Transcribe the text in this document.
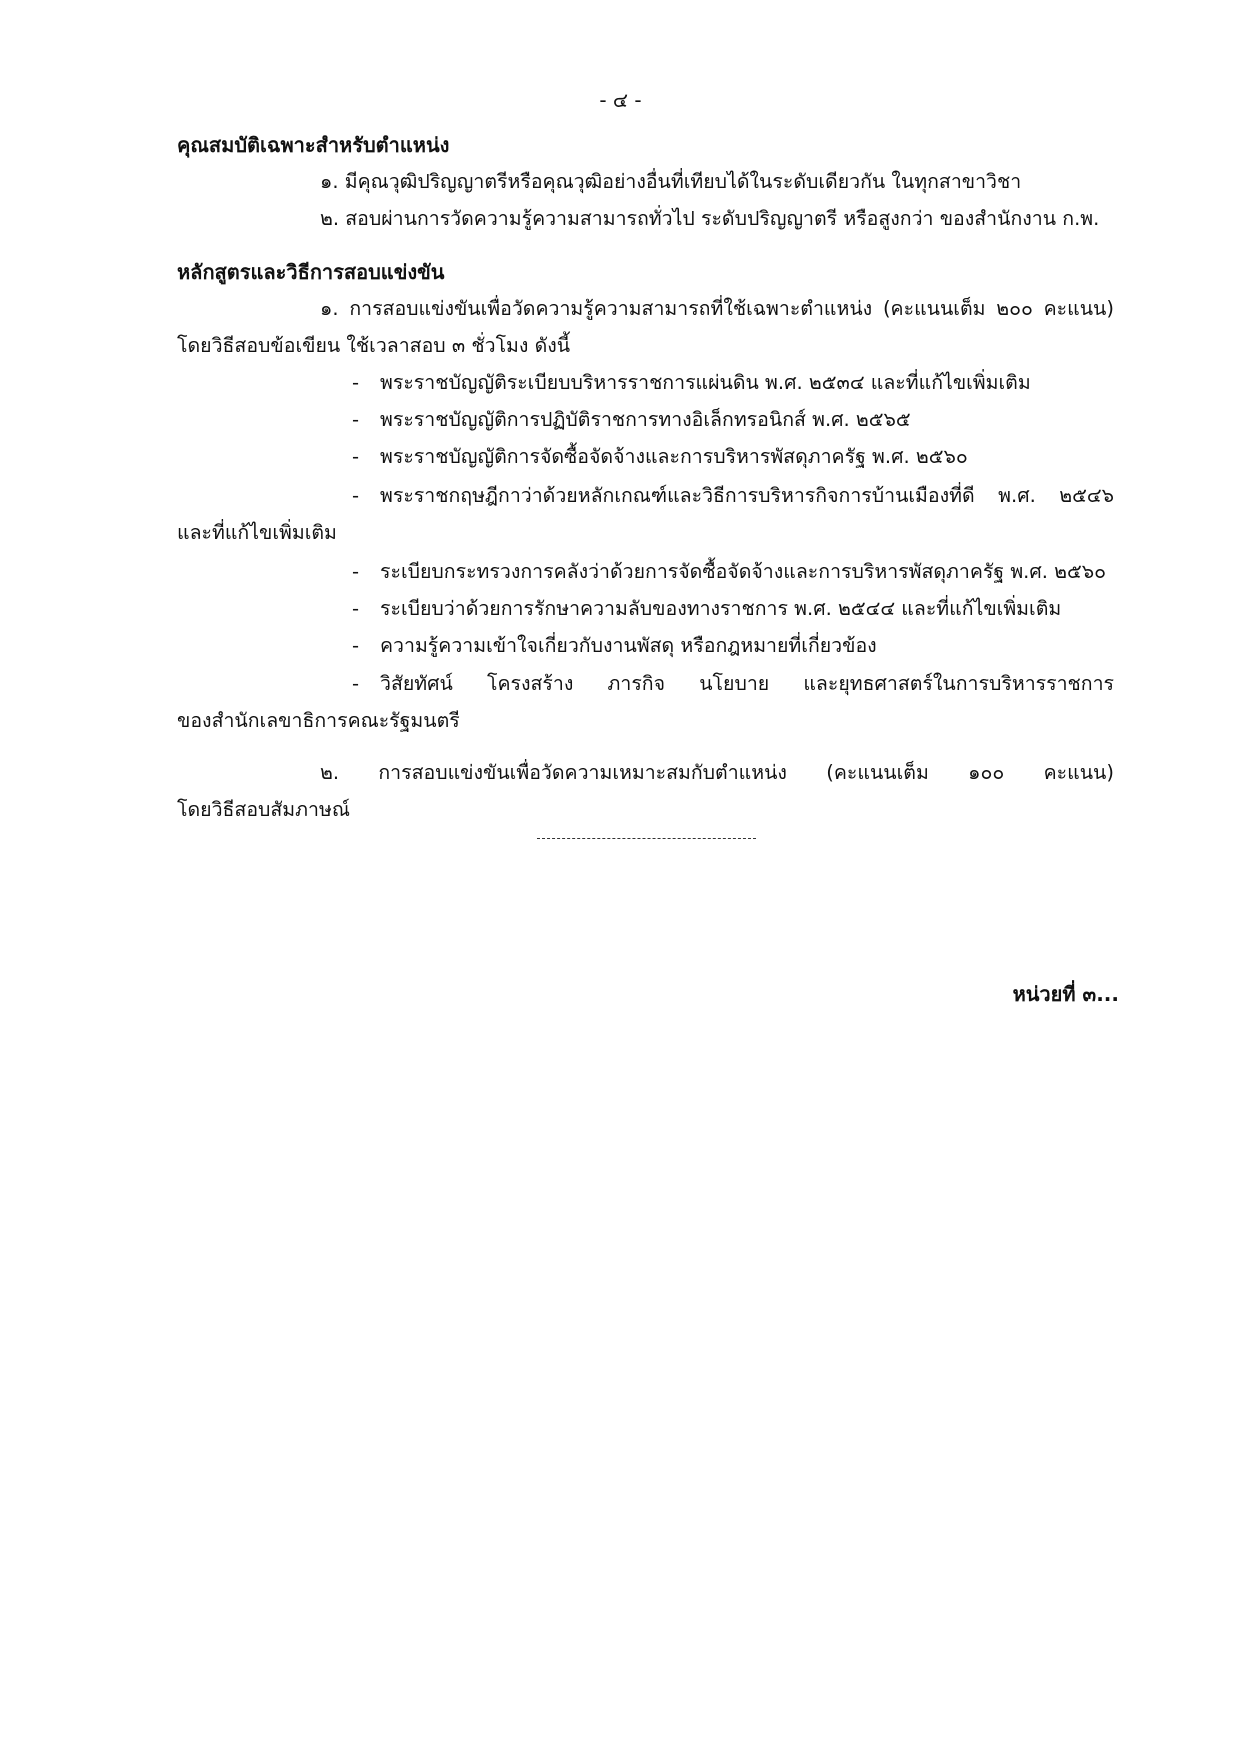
- ๔ -
คุณสมบัติเฉพาะสำหรับตำแหน่ง
๑. มีคุณวุฒิปริญญาตรีหรือคุณวุฒิอย่างอื่นที่เทียบได้ในระดับเดียวกัน ในทุกสาขาวิชา
๒. สอบผ่านการวัดความรู้ความสามารถทั่วไป ระดับปริญญาตรี หรือสูงกว่า ของสำนักงาน ก.พ.
หลักสูตรและวิธีการสอบแข่งขัน
๑. การสอบแข่งขันเพื่อวัดความรู้ความสามารถที่ใช้เฉพาะตำแหน่ง (คะแนนเต็ม ๒๐๐ คะแนน)
โดยวิธีสอบข้อเขียน ใช้เวลาสอบ ๓ ชั่วโมง ดังนี้
- พระราชบัญญัติระเบียบบริหารราชการแผ่นดิน พ.ศ. ๒๕๓๔ และที่แก้ไขเพิ่มเติม
- พระราชบัญญัติการปฏิบัติราชการทางอิเล็กทรอนิกส์ พ.ศ. ๒๕๖๕
- พระราชบัญญัติการจัดซื้อจัดจ้างและการบริหารพัสดุภาครัฐ พ.ศ. ๒๕๖๐
- พระราชกฤษฎีกาว่าด้วยหลักเกณฑ์และวิธีการบริหารกิจการบ้านเมืองที่ดี พ.ศ. ๒๕๔๖
และที่แก้ไขเพิ่มเติม
- ระเบียบกระทรวงการคลังว่าด้วยการจัดซื้อจัดจ้างและการบริหารพัสดุภาครัฐ พ.ศ. ๒๕๖๐
- ระเบียบว่าด้วยการรักษาความลับของทางราชการ พ.ศ. ๒๕๔๔ และที่แก้ไขเพิ่มเติม
- ความรู้ความเข้าใจเกี่ยวกับงานพัสดุ หรือกฎหมายที่เกี่ยวข้อง
- วิสัยทัศน์ โครงสร้าง ภารกิจ นโยบาย และยุทธศาสตร์ในการบริหารราชการ
ของสำนักเลขาธิการคณะรัฐมนตรี
๒. การสอบแข่งขันเพื่อวัดความเหมาะสมกับตำแหน่ง (คะแนนเต็ม ๑๐๐ คะแนน)
โดยวิธีสอบสัมภาษณ์
หน่วยที่ ๓...
